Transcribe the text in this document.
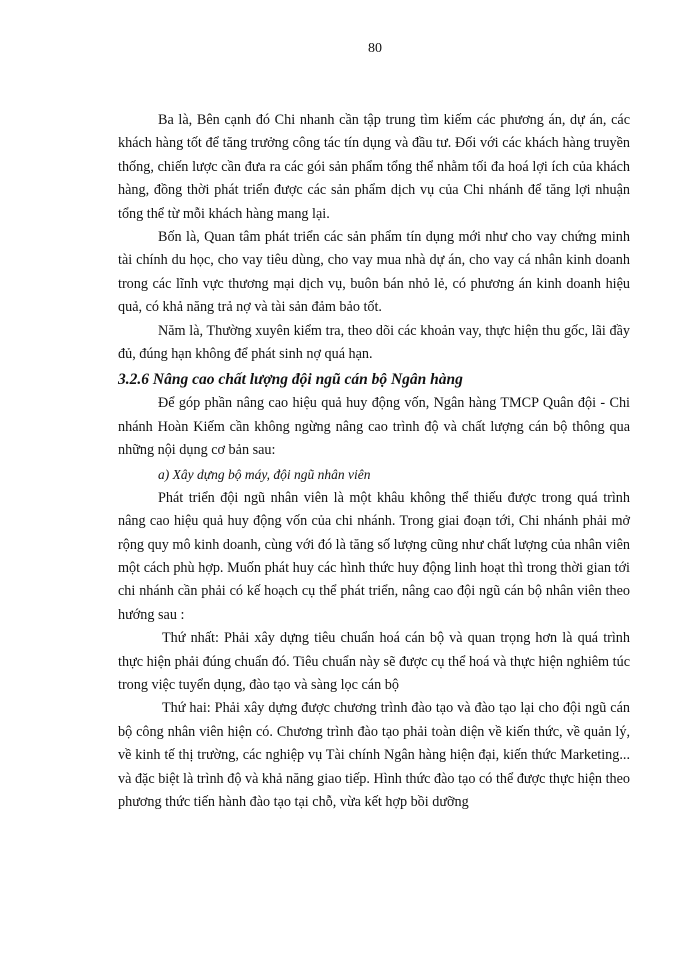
80

Ba là, Bên cạnh đó Chi nhanh cần tập trung tìm kiếm các phương án, dự án, các khách hàng tốt để tăng trưởng công tác tín dụng và đầu tư. Đối với các khách hàng truyền thống, chiến lược cần đưa ra các gói sản phẩm tổng thể nhằm tối đa hoá lợi ích của khách hàng, đồng thời phát triển được các sản phẩm dịch vụ của Chi nhánh để tăng lợi nhuận tổng thể từ mỗi khách hàng mang lại.

Bốn là, Quan tâm phát triển các sản phẩm tín dụng mới như cho vay chứng minh tài chính du học, cho vay tiêu dùng, cho vay mua nhà dự án, cho vay cá nhân kinh doanh trong các lĩnh vực thương mại dịch vụ, buôn bán nhỏ lẻ, có phương án kinh doanh hiệu quả, có khả năng trả nợ và tài sản đảm bảo tốt.

Năm là, Thường xuyên kiểm tra, theo dõi các khoản vay, thực hiện thu gốc, lãi đầy đủ, đúng hạn không để phát sinh nợ quá hạn.

3.2.6 Nâng cao chất lượng đội ngũ cán bộ Ngân hàng

Để góp phần nâng cao hiệu quả huy động vốn, Ngân hàng TMCP Quân đội - Chi nhánh Hoàn Kiếm cần không ngừng nâng cao trình độ và chất lượng cán bộ thông qua những nội dụng cơ bản sau:

a) Xây dựng bộ máy, đội ngũ nhân viên

Phát triển đội ngũ nhân viên là một khâu không thể thiếu được trong quá trình nâng cao hiệu quả huy động vốn của chi nhánh. Trong giai đoạn tới, Chi nhánh phải mở rộng quy mô kinh doanh, cùng với đó là tăng số lượng cũng như chất lượng của nhân viên một cách phù hợp. Muốn phát huy các hình thức huy động linh hoạt thì trong thời gian tới chi nhánh cần phải có kế hoạch cụ thể phát triển, nâng cao đội ngũ cán bộ nhân viên theo hướng sau :

Thứ nhất: Phải xây dựng tiêu chuẩn hoá cán bộ và quan trọng hơn là quá trình thực hiện phải đúng chuẩn đó. Tiêu chuẩn này sẽ được cụ thể hoá và thực hiện nghiêm túc trong việc tuyển dụng, đào tạo và sàng lọc cán bộ

Thứ hai: Phải xây dựng được chương trình đào tạo và đào tạo lại cho đội ngũ cán bộ công nhân viên hiện có. Chương trình đào tạo phải toàn diện về kiến thức, về quản lý, về kinh tế thị trường, các nghiệp vụ Tài chính Ngân hàng hiện đại, kiến thức Marketing... và đặc biệt là trình độ và khả năng giao tiếp. Hình thức đào tạo có thể được thực hiện theo phương thức tiến hành đào tạo tại chỗ, vừa kết hợp bồi dưỡng
